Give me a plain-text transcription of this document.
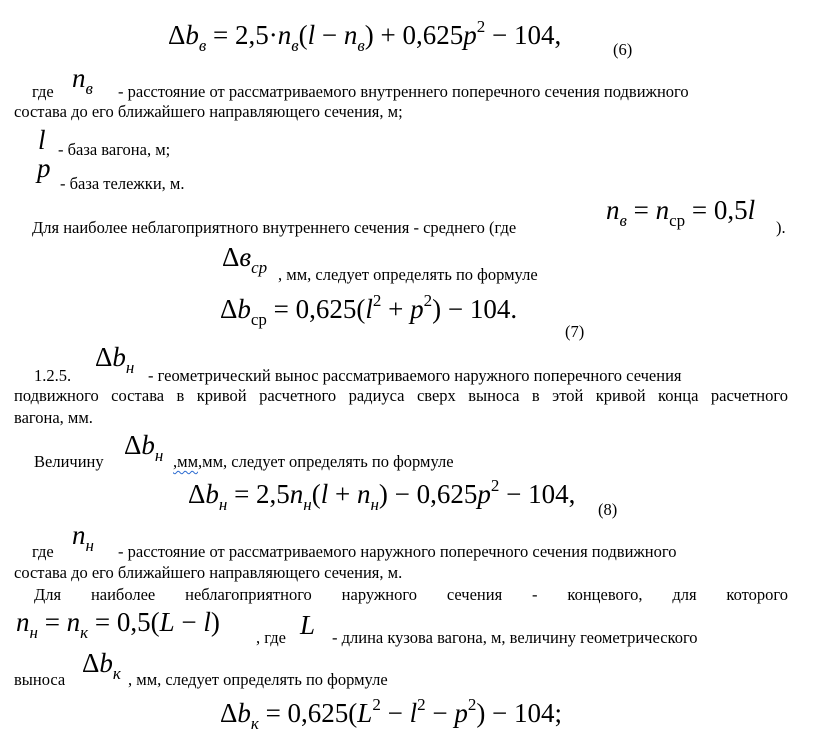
$\Delta b_в = 2,5\cdot n_в(l - n_в) + 0,625p^2 - 104$,	(6)
где $n_в$ - расстояние от рассматриваемого внутреннего поперечного сечения подвижного
состава до его ближайшего направляющего сечения, м;
l - база вагона, м;
p
- база тележки, м.
Для наиболее неблагоприятного внутреннего сечения - среднего (где
$n_в = n_{ср} = 0,5l$
).
$\Delta в_{ср}$ , мм, следует определять по формуле
$\Delta b_{ср} = 0,625(l^2 + p^2) - 104$.
(7)
1.2.5.
$\Delta b_н$ - геометрический вынос рассматриваемого наружного поперечного сечения
подвижного состава в кривой расчетного радиуса сверх выноса в этой кривой конца расчетного
вагона, мм.
Величину
$\Delta b_н$ ,мм,мм, следует определять по формуле
$\Delta b_н = 2,5n_н(l + n_н) - 0,625p^2 - 104$,
(8)
где
$n_н$ - расстояние от рассматриваемого наружного поперечного сечения подвижного
состава до его ближайшего направляющего сечения, м.
Для наиболее неблагоприятного наружного сечения - концевого, для которого
$n_н = n_к = 0,5(L - l)$
, где L - длина кузова вагона, м, величину геометрического
выноса
$\Delta b_к$ , мм, следует определять по формуле
$\Delta b_к = 0,625(L^2 - l^2 - p^2) - 104$;
